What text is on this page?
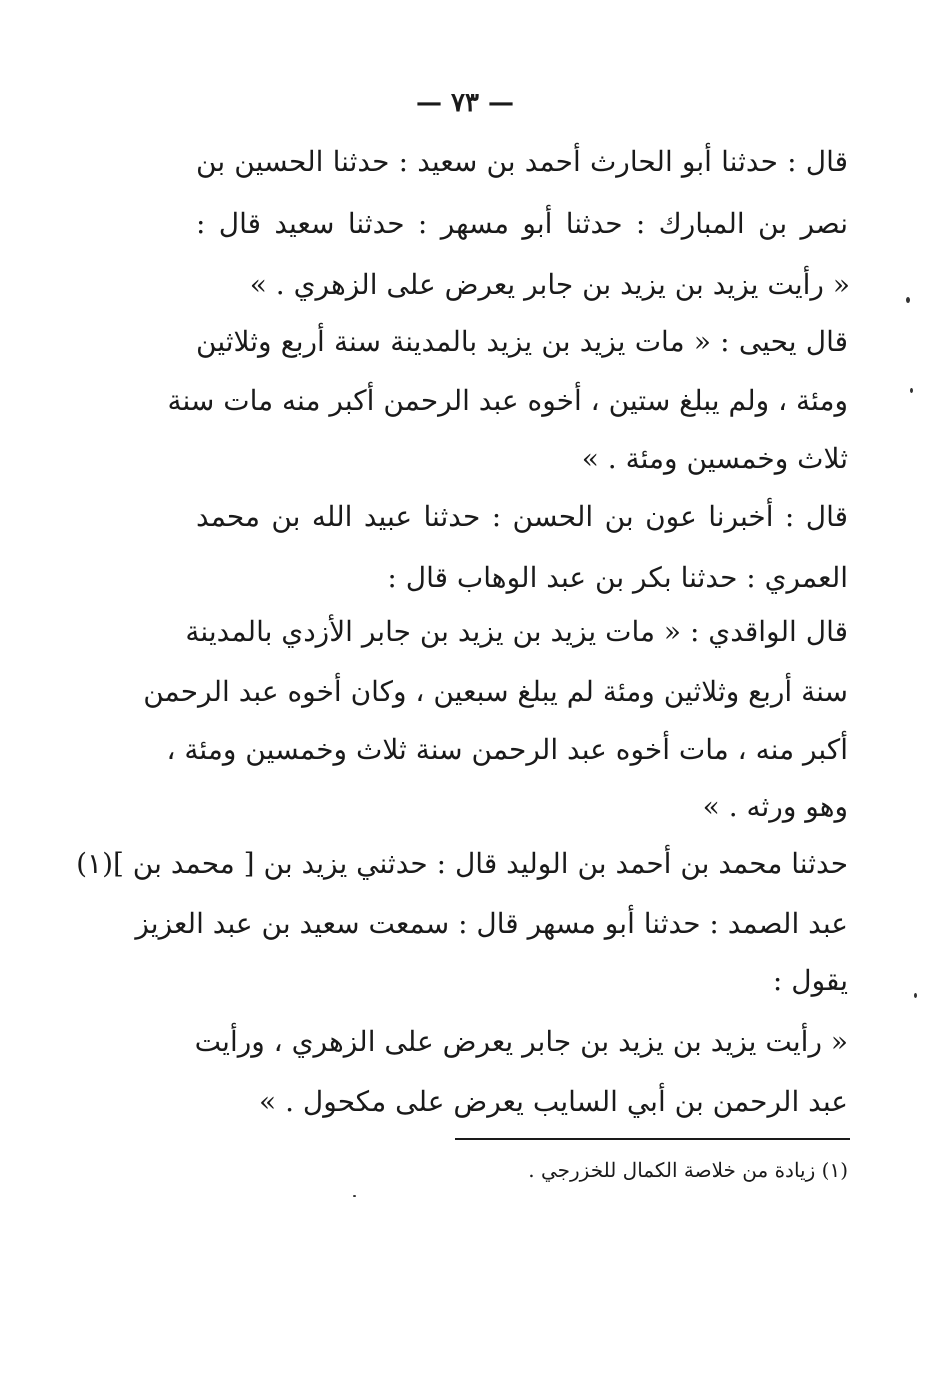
— ٧٣ —
قال : حدثنا أبو الحارث أحمد بن سعيد : حدثنا الحسين بن
نصر بن المبارك : حدثنا أبو مسهر : حدثنا سعيد قال :
« رأيت يزيد بن يزيد بن جابر يعرض على الزهري . »
قال يحيى : « مات يزيد بن يزيد بالمدينة سنة أربع وثلاثين
ومئة ، ولم يبلغ ستين ، أخوه عبد الرحمن أكبر منه مات سنة
ثلاث وخمسين ومئة . »
قال : أخبرنا عون بن الحسن : حدثنا عبيد الله بن محمد
العمري : حدثنا بكر بن عبد الوهاب قال :
قال الواقدي : « مات يزيد بن يزيد بن جابر الأزدي بالمدينة
سنة أربع وثلاثين ومئة لم يبلغ سبعين ، وكان أخوه عبد الرحمن
أكبر منه ، مات أخوه عبد الرحمن سنة ثلاث وخمسين ومئة ،
وهو ورثه . »
حدثنا محمد بن أحمد بن الوليد قال : حدثني يزيد بن [ محمد بن ](١)
عبد الصمد : حدثنا أبو مسهر قال : سمعت سعيد بن عبد العزيز
يقول :
« رأيت يزيد بن يزيد بن جابر يعرض على الزهري ، ورأيت
عبد الرحمن بن أبي السايب يعرض على مكحول . »
(١) زيادة من خلاصة الكمال للخزرجي .
